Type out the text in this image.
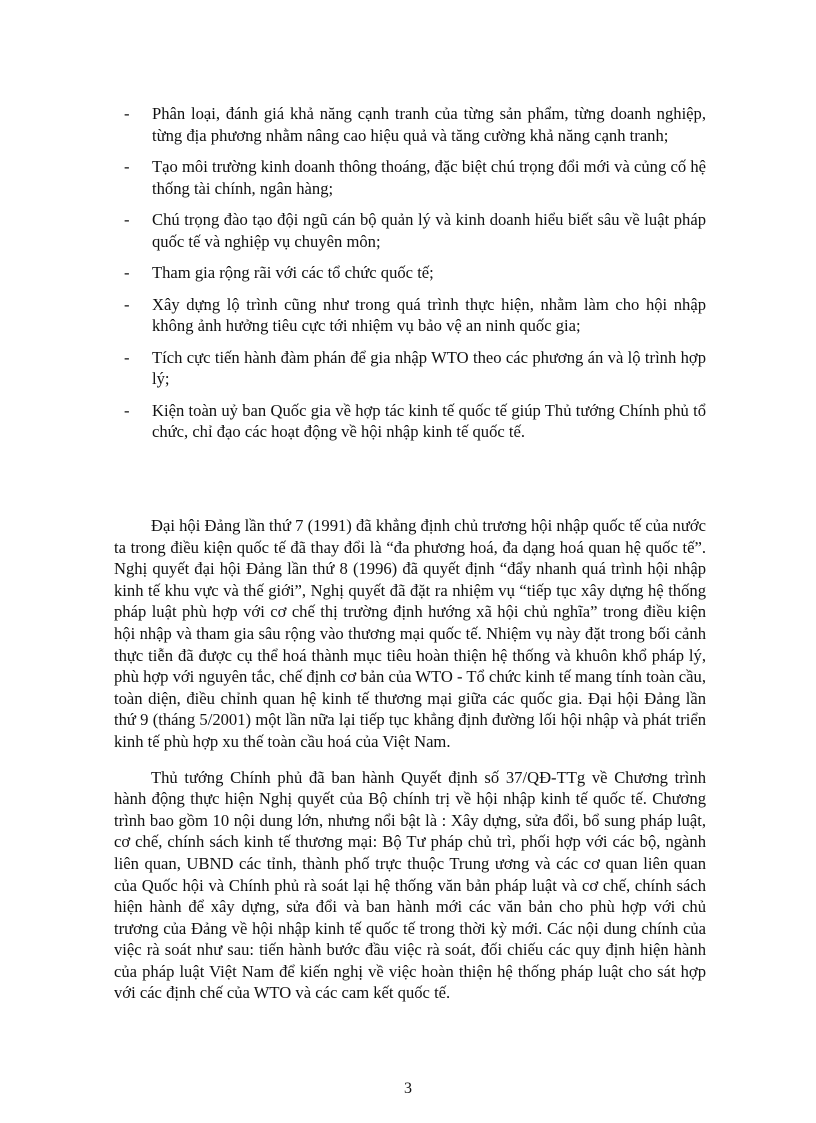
- Phân loại, đánh giá khả năng cạnh tranh của từng sản phẩm, từng doanh nghiệp, từng địa phương nhằm nâng cao hiệu quả và tăng cường khả năng cạnh tranh;
- Tạo môi trường kinh doanh thông thoáng, đặc biệt chú trọng đổi mới và củng cố hệ thống tài chính, ngân hàng;
- Chú trọng đào tạo đội ngũ cán bộ quản lý và kinh doanh hiểu biết sâu về luật pháp quốc tế và nghiệp vụ chuyên môn;
- Tham gia rộng rãi với các tổ chức quốc tế;
- Xây dựng lộ trình cũng như trong quá trình thực hiện, nhằm làm cho hội nhập không ảnh hưởng tiêu cực tới nhiệm vụ bảo vệ an ninh quốc gia;
- Tích cực tiến hành đàm phán để gia nhập WTO theo các phương án và lộ trình hợp lý;
- Kiện toàn uỷ ban Quốc gia về hợp tác kinh tế quốc tế giúp Thủ tướng Chính phủ tổ chức, chỉ đạo các hoạt động về hội nhập kinh tế quốc tế.

Đại hội Đảng lần thứ 7 (1991) đã khẳng định chủ trương hội nhập quốc tế của nước ta trong điều kiện quốc tế đã thay đổi là “đa phương hoá, đa dạng hoá quan hệ quốc tế”. Nghị quyết đại hội Đảng lần thứ 8 (1996) đã quyết định “đẩy nhanh quá trình hội nhập kinh tế khu vực và thế giới”, Nghị quyết đã đặt ra nhiệm vụ “tiếp tục xây dựng hệ thống pháp luật phù hợp với cơ chế thị trường định hướng xã hội chủ nghĩa” trong điều kiện hội nhập và tham gia sâu rộng vào thương mại quốc tế. Nhiệm vụ này đặt trong bối cảnh thực tiễn đã được cụ thể hoá thành mục tiêu hoàn thiện hệ thống và khuôn khổ pháp lý, phù hợp với nguyên tắc, chế định cơ bản của WTO - Tổ chức kinh tế mang tính toàn cầu, toàn diện, điều chỉnh quan hệ kinh tế thương mại giữa các quốc gia. Đại hội Đảng lần thứ 9 (tháng 5/2001) một lần nữa lại tiếp tục khẳng định đường lối hội nhập và phát triển kinh tế phù hợp xu thế toàn cầu hoá của Việt Nam.

Thủ tướng Chính phủ đã ban hành Quyết định số 37/QĐ-TTg về Chương trình hành động thực hiện Nghị quyết của Bộ chính trị về hội nhập kinh tế quốc tế. Chương trình bao gồm 10 nội dung lớn, nhưng nổi bật là : Xây dựng, sửa đổi, bổ sung pháp luật, cơ chế, chính sách kinh tế thương mại: Bộ Tư pháp chủ trì, phối hợp với các bộ, ngành liên quan, UBND các tỉnh, thành phố trực thuộc Trung ương và các cơ quan liên quan của Quốc hội và Chính phủ rà soát lại hệ thống văn bản pháp luật và cơ chế, chính sách hiện hành để xây dựng, sửa đổi và ban hành mới các văn bản cho phù hợp với chủ trương của Đảng về hội nhập kinh tế quốc tế trong thời kỳ mới. Các nội dung chính của việc rà soát như sau: tiến hành bước đầu việc rà soát, đối chiếu các quy định hiện hành của pháp luật Việt Nam để kiến nghị về việc hoàn thiện hệ thống pháp luật cho sát hợp với các định chế của WTO và các cam kết quốc tế.

3
